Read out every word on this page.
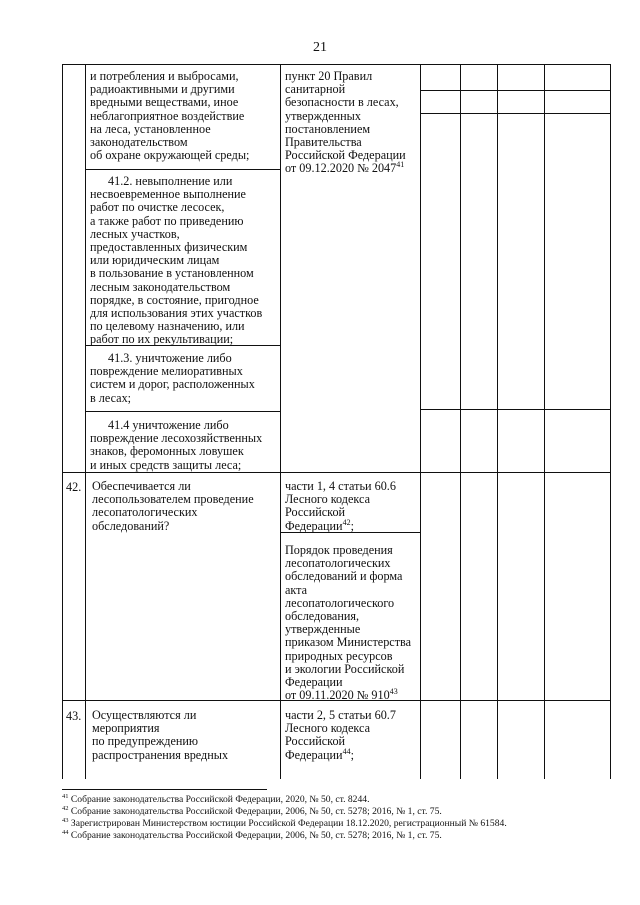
21
и потребления и выбросами,
радиоактивными и другими
вредными веществами, иное
неблагоприятное воздействие
на леса, установленное
законодательством
об охране окружающей среды;
пункт 20 Правил
санитарной
безопасности в лесах,
утвержденных
постановлением
Правительства
Российской Федерации
от 09.12.2020 № 2047$^{41}$
41.2. невыполнение или
несвоевременное выполнение
работ по очистке лесосек,
а также работ по приведению
лесных участков,
предоставленных физическим
или юридическим лицам
в пользование в установленном
лесным законодательством
порядке, в состояние, пригодное
для использования этих участков
по целевому назначению, или
работ по их рекультивации;
41.3. уничтожение либо
повреждение мелиоративных
систем и дорог, расположенных
в лесах;
41.4 уничтожение либо
повреждение лесохозяйственных
знаков, феромонных ловушек
и иных средств защиты леса;
42. Обеспечивается ли
лесопользователем проведение
лесопатологических
обследований?
части 1, 4 статьи 60.6
Лесного кодекса
Российской
Федерации$^{42}$;
Порядок проведения
лесопатологических
обследований и форма
акта
лесопатологического
обследования,
утвержденные
приказом Министерства
природных ресурсов
и экологии Российской
Федерации
от 09.11.2020 № $910^{43}$
43. Осуществляются ли
мероприятия
по предупреждению
распространения вредных
части 2, 5 статьи 60.7
Лесного кодекса
Российской
Федерации$^{44}$;
$^{41}$ Собрание законодательства Российской Федерации, 2020, № 50, ст. 8244.
$^{42}$ Собрание законодательства Российской Федерации, 2006, № 50, ст. 5278; 2016, № 1, ст. 75.
$^{43}$ Зарегистрирован Министерством юстиции Российской Федерации 18.12.2020, регистрационный № 61584.
$^{44}$ Собрание законодательства Российской Федерации, 2006, № 50, ст. 5278; 2016, № 1, ст. 75.
